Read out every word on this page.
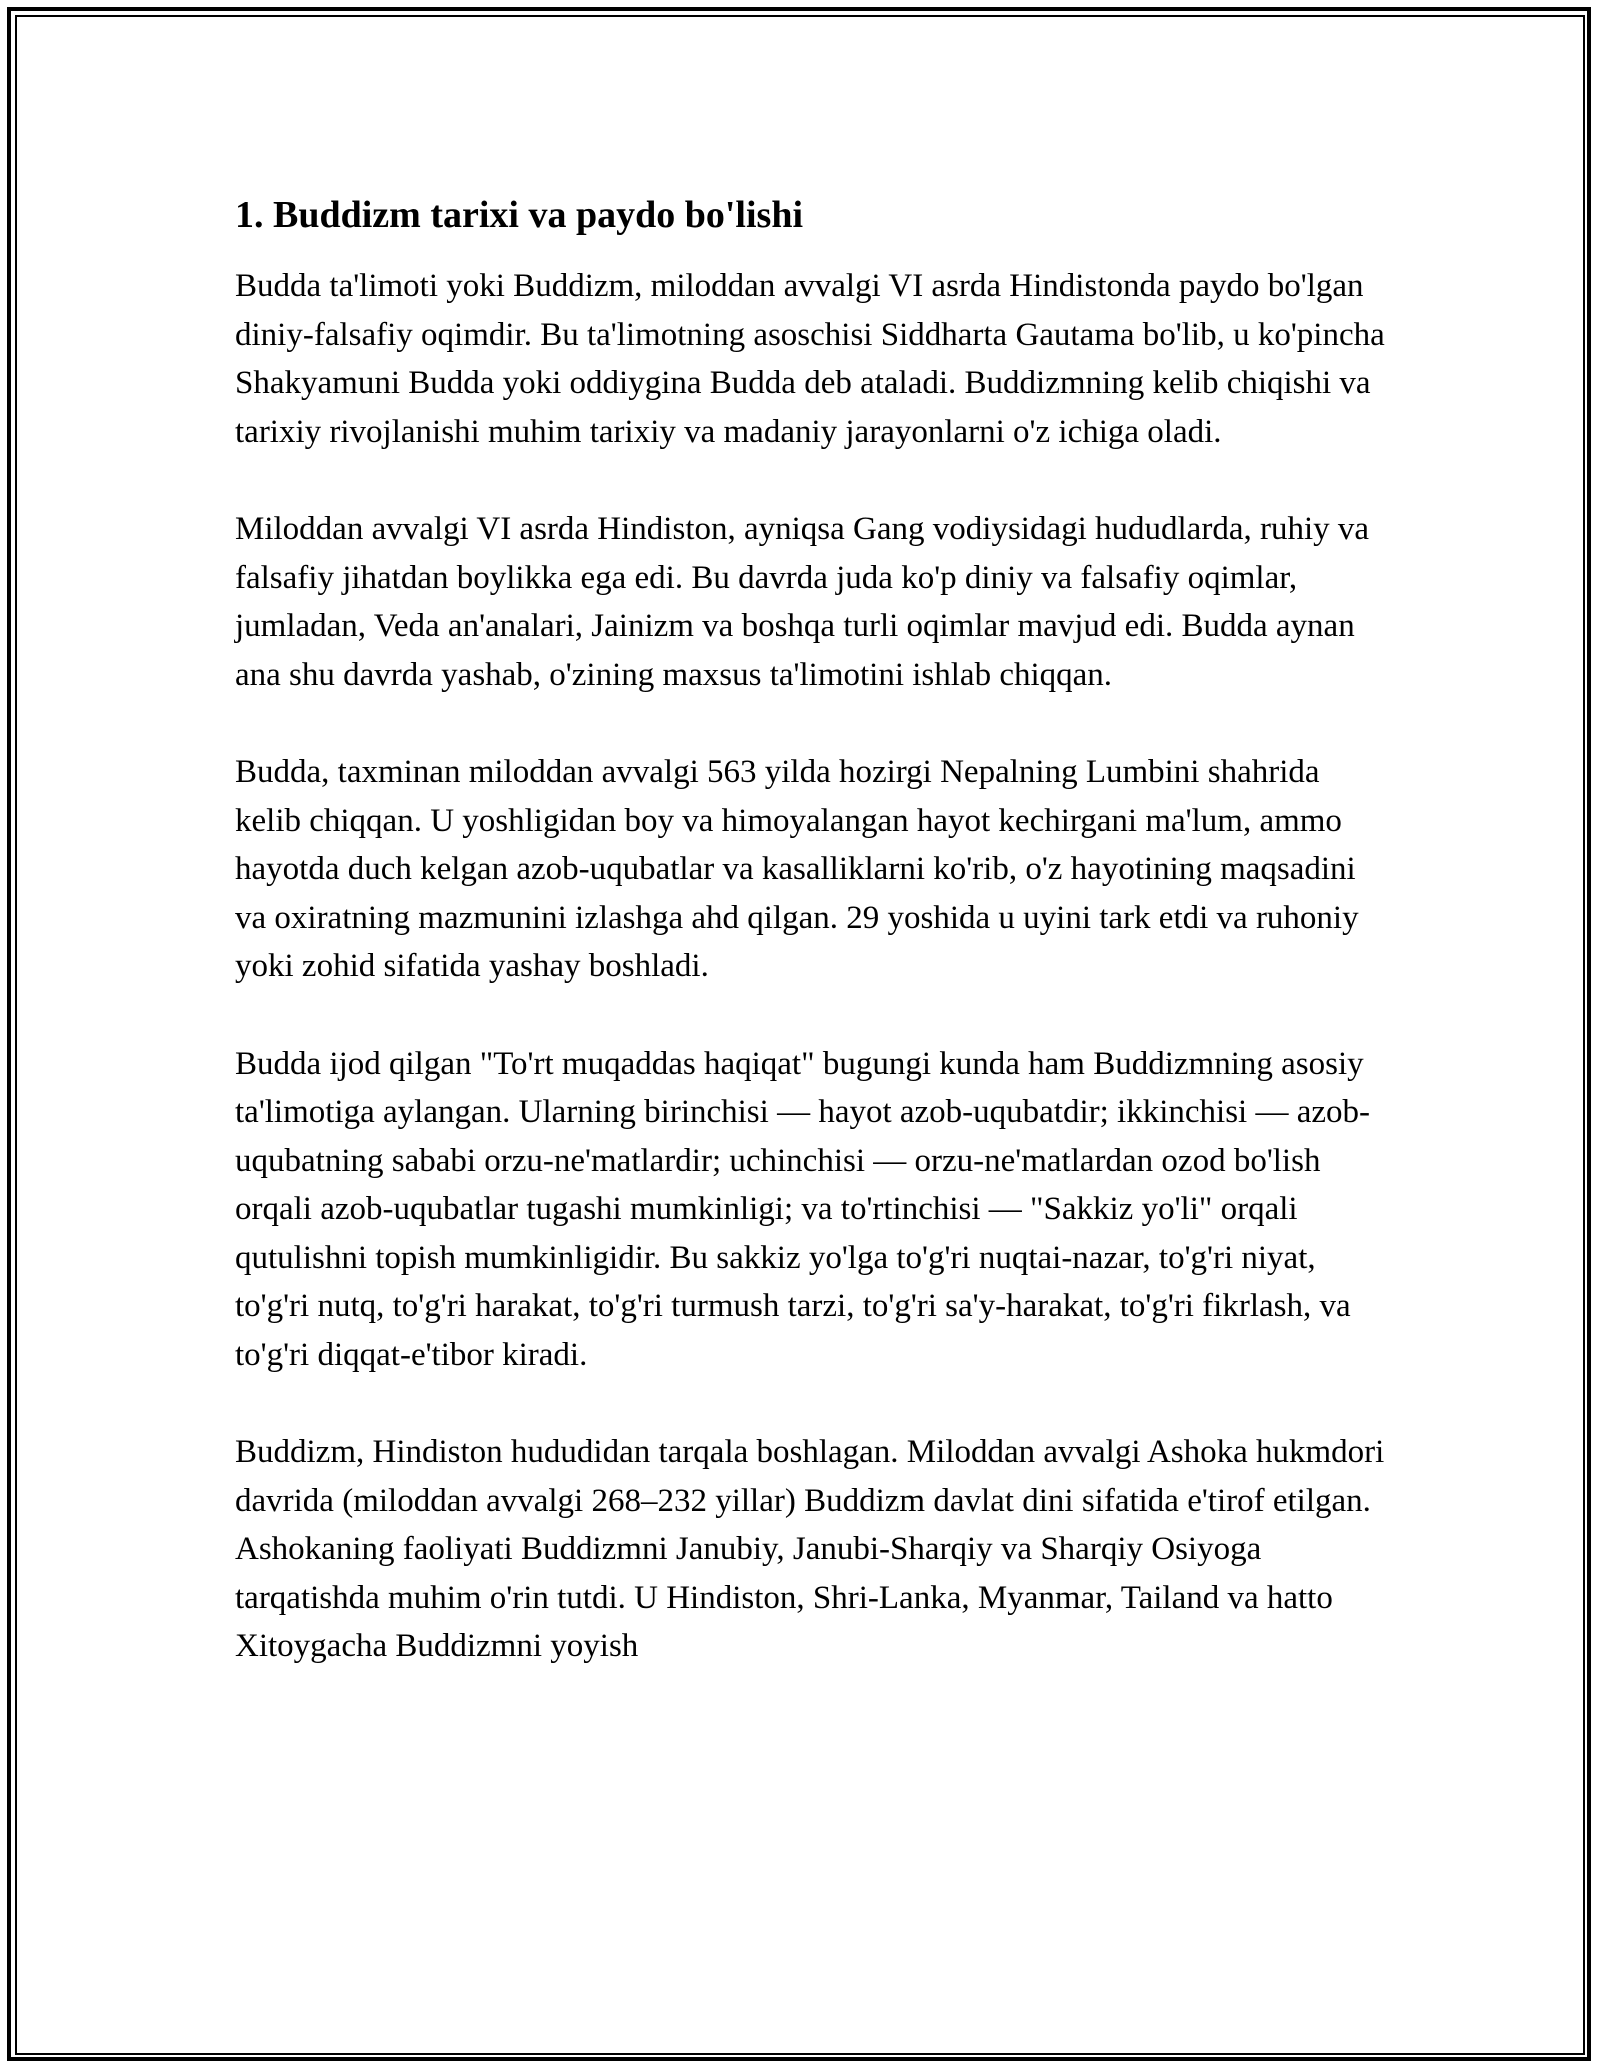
1. Buddizm tarixi va paydo bo'lishi

Budda ta'limoti yoki Buddizm, miloddan avvalgi VI asrda Hindistonda paydo bo'lgan diniy-falsafiy oqimdir. Bu ta'limotning asoschisi Siddharta Gautama bo'lib, u ko'pincha Shakyamuni Budda yoki oddiygina Budda deb ataladi. Buddizmning kelib chiqishi va tarixiy rivojlanishi muhim tarixiy va madaniy jarayonlarni o'z ichiga oladi.

Miloddan avvalgi VI asrda Hindiston, ayniqsa Gang vodiysidagi hududlarda, ruhiy va falsafiy jihatdan boylikka ega edi. Bu davrda juda ko'p diniy va falsafiy oqimlar, jumladan, Veda an'analari, Jainizm va boshqa turli oqimlar mavjud edi. Budda aynan ana shu davrda yashab, o'zining maxsus ta'limotini ishlab chiqqan.

Budda, taxminan miloddan avvalgi 563 yilda hozirgi Nepalning Lumbini shahrida kelib chiqqan. U yoshligidan boy va himoyalangan hayot kechirgani ma'lum, ammo hayotda duch kelgan azob-uqubatlar va kasalliklarni ko'rib, o'z hayotining maqsadini va oxiratning mazmunini izlashga ahd qilgan. 29 yoshida u uyini tark etdi va ruhoniy yoki zohid sifatida yashay boshladi.

Budda ijod qilgan "To'rt muqaddas haqiqat" bugungi kunda ham Buddizmning asosiy ta'limotiga aylangan. Ularning birinchisi — hayot azob-uqubatdir; ikkinchisi — azob-uqubatning sababi orzu-ne'matlardir; uchinchisi — orzu-ne'matlardan ozod bo'lish orqali azob-uqubatlar tugashi mumkinligi; va to'rtinchisi — "Sakkiz yo'li" orqali qutulishni topish mumkinligidir. Bu sakkiz yo'lga to'g'ri nuqtai-nazar, to'g'ri niyat, to'g'ri nutq, to'g'ri harakat, to'g'ri turmush tarzi, to'g'ri sa'y-harakat, to'g'ri fikrlash, va to'g'ri diqqat-e'tibor kiradi.

Buddizm, Hindiston hududidan tarqala boshlagan. Miloddan avvalgi Ashoka hukmdori davrida (miloddan avvalgi 268–232 yillar) Buddizm davlat dini sifatida e'tirof etilgan. Ashokaning faoliyati Buddizmni Janubiy, Janubi-Sharqiy va Sharqiy Osiyoga tarqatishda muhim o'rin tutdi. U Hindiston, Shri-Lanka, Myanmar, Tailand va hatto Xitoygacha Buddizmni yoyish
